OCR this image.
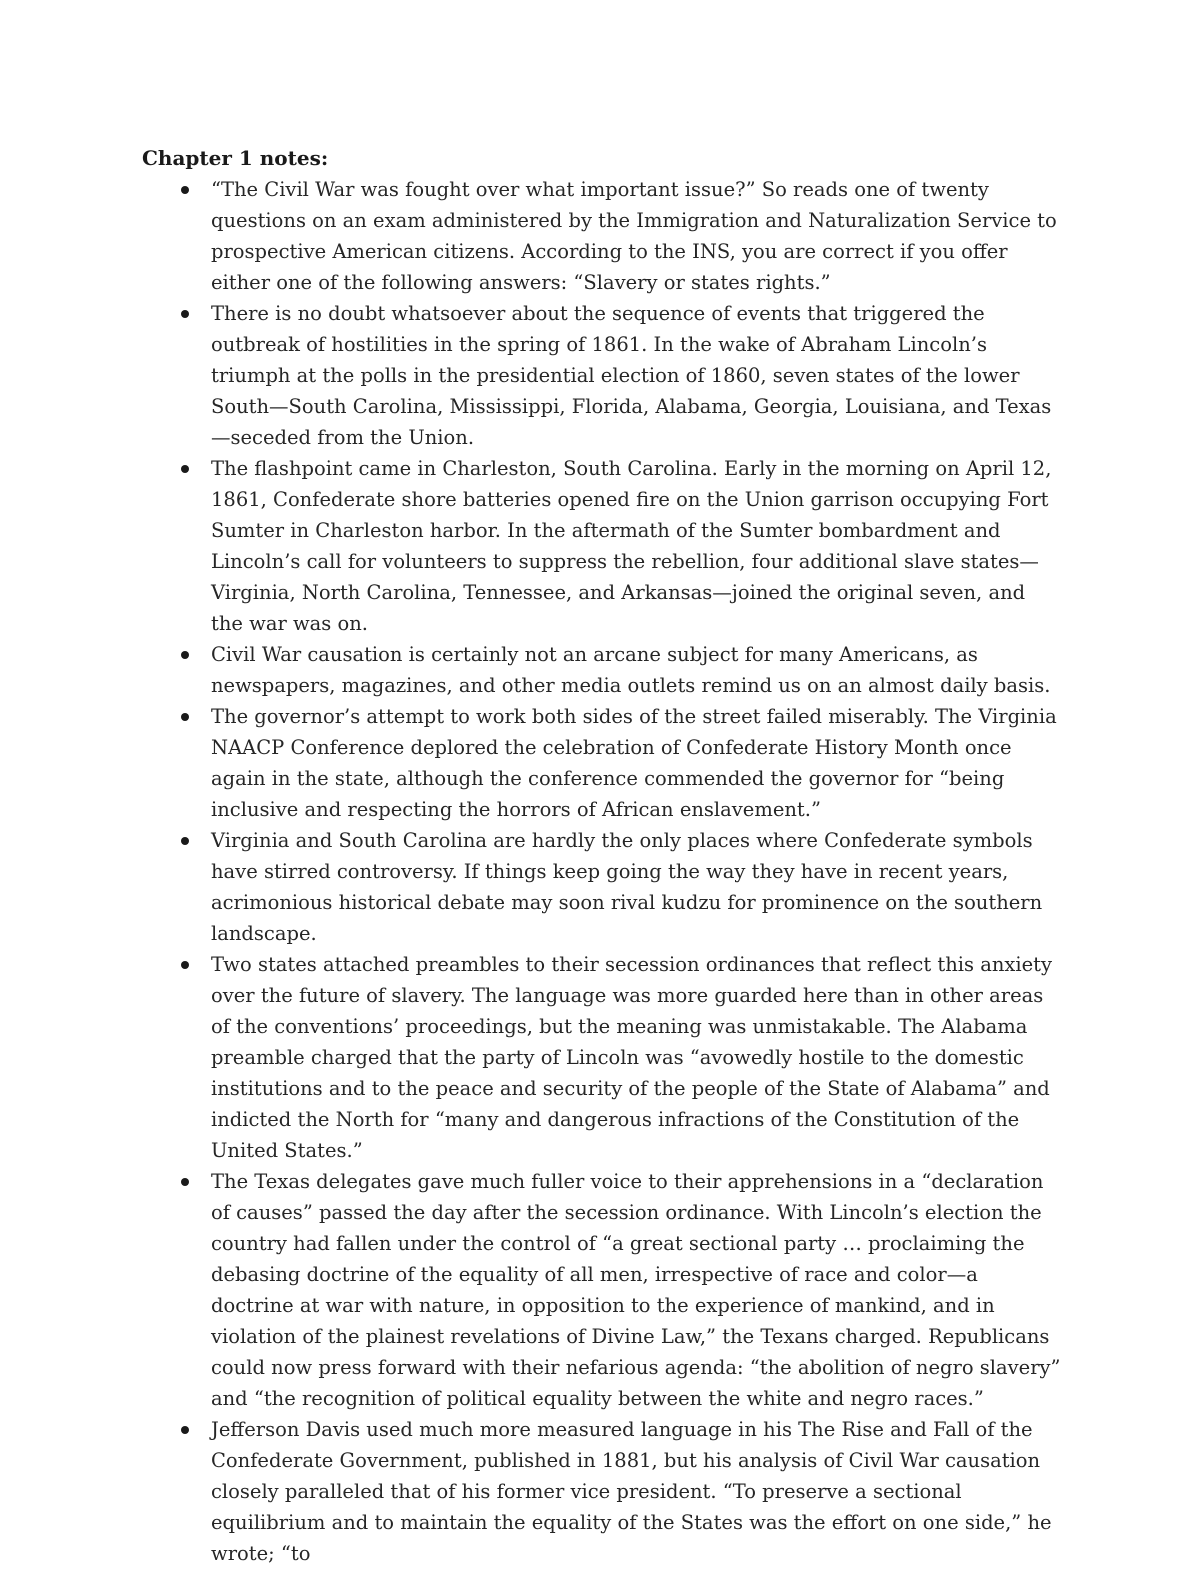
Chapter 1 notes:
“The Civil War was fought over what important issue?” So reads one of twenty questions on an exam administered by the Immigration and Naturalization Service to prospective American citizens. According to the INS, you are correct if you offer either one of the following answers: “Slavery or states rights.”
There is no doubt whatsoever about the sequence of events that triggered the outbreak of hostilities in the spring of 1861. In the wake of Abraham Lincoln’s triumph at the polls in the presidential election of 1860, seven states of the lower South—South Carolina, Mississippi, Florida, Alabama, Georgia, Louisiana, and Texas—seceded from the Union.
The flashpoint came in Charleston, South Carolina. Early in the morning on April 12, 1861, Confederate shore batteries opened fire on the Union garrison occupying Fort Sumter in Charleston harbor. In the aftermath of the Sumter bombardment and Lincoln’s call for volunteers to suppress the rebellion, four additional slave states—Virginia, North Carolina, Tennessee, and Arkansas—joined the original seven, and the war was on.
Civil War causation is certainly not an arcane subject for many Americans, as newspapers, magazines, and other media outlets remind us on an almost daily basis.
The governor’s attempt to work both sides of the street failed miserably. The Virginia NAACP Conference deplored the celebration of Confederate History Month once again in the state, although the conference commended the governor for “being inclusive and respecting the horrors of African enslavement.”
Virginia and South Carolina are hardly the only places where Confederate symbols have stirred controversy. If things keep going the way they have in recent years, acrimonious historical debate may soon rival kudzu for prominence on the southern landscape.
Two states attached preambles to their secession ordinances that reflect this anxiety over the future of slavery. The language was more guarded here than in other areas of the conventions’ proceedings, but the meaning was unmistakable. The Alabama preamble charged that the party of Lincoln was “avowedly hostile to the domestic institutions and to the peace and security of the people of the State of Alabama” and indicted the North for “many and dangerous infractions of the Constitution of the United States.”
The Texas delegates gave much fuller voice to their apprehensions in a “declaration of causes” passed the day after the secession ordinance. With Lincoln’s election the country had fallen under the control of “a great sectional party … proclaiming the debasing doctrine of the equality of all men, irrespective of race and color—a doctrine at war with nature, in opposition to the experience of mankind, and in violation of the plainest revelations of Divine Law,” the Texans charged. Republicans could now press forward with their nefarious agenda: “the abolition of negro slavery” and “the recognition of political equality between the white and negro races.”
Jefferson Davis used much more measured language in his The Rise and Fall of the Confederate Government, published in 1881, but his analysis of Civil War causation closely paralleled that of his former vice president. “To preserve a sectional equilibrium and to maintain the equality of the States was the effort on one side,” he wrote; “to
